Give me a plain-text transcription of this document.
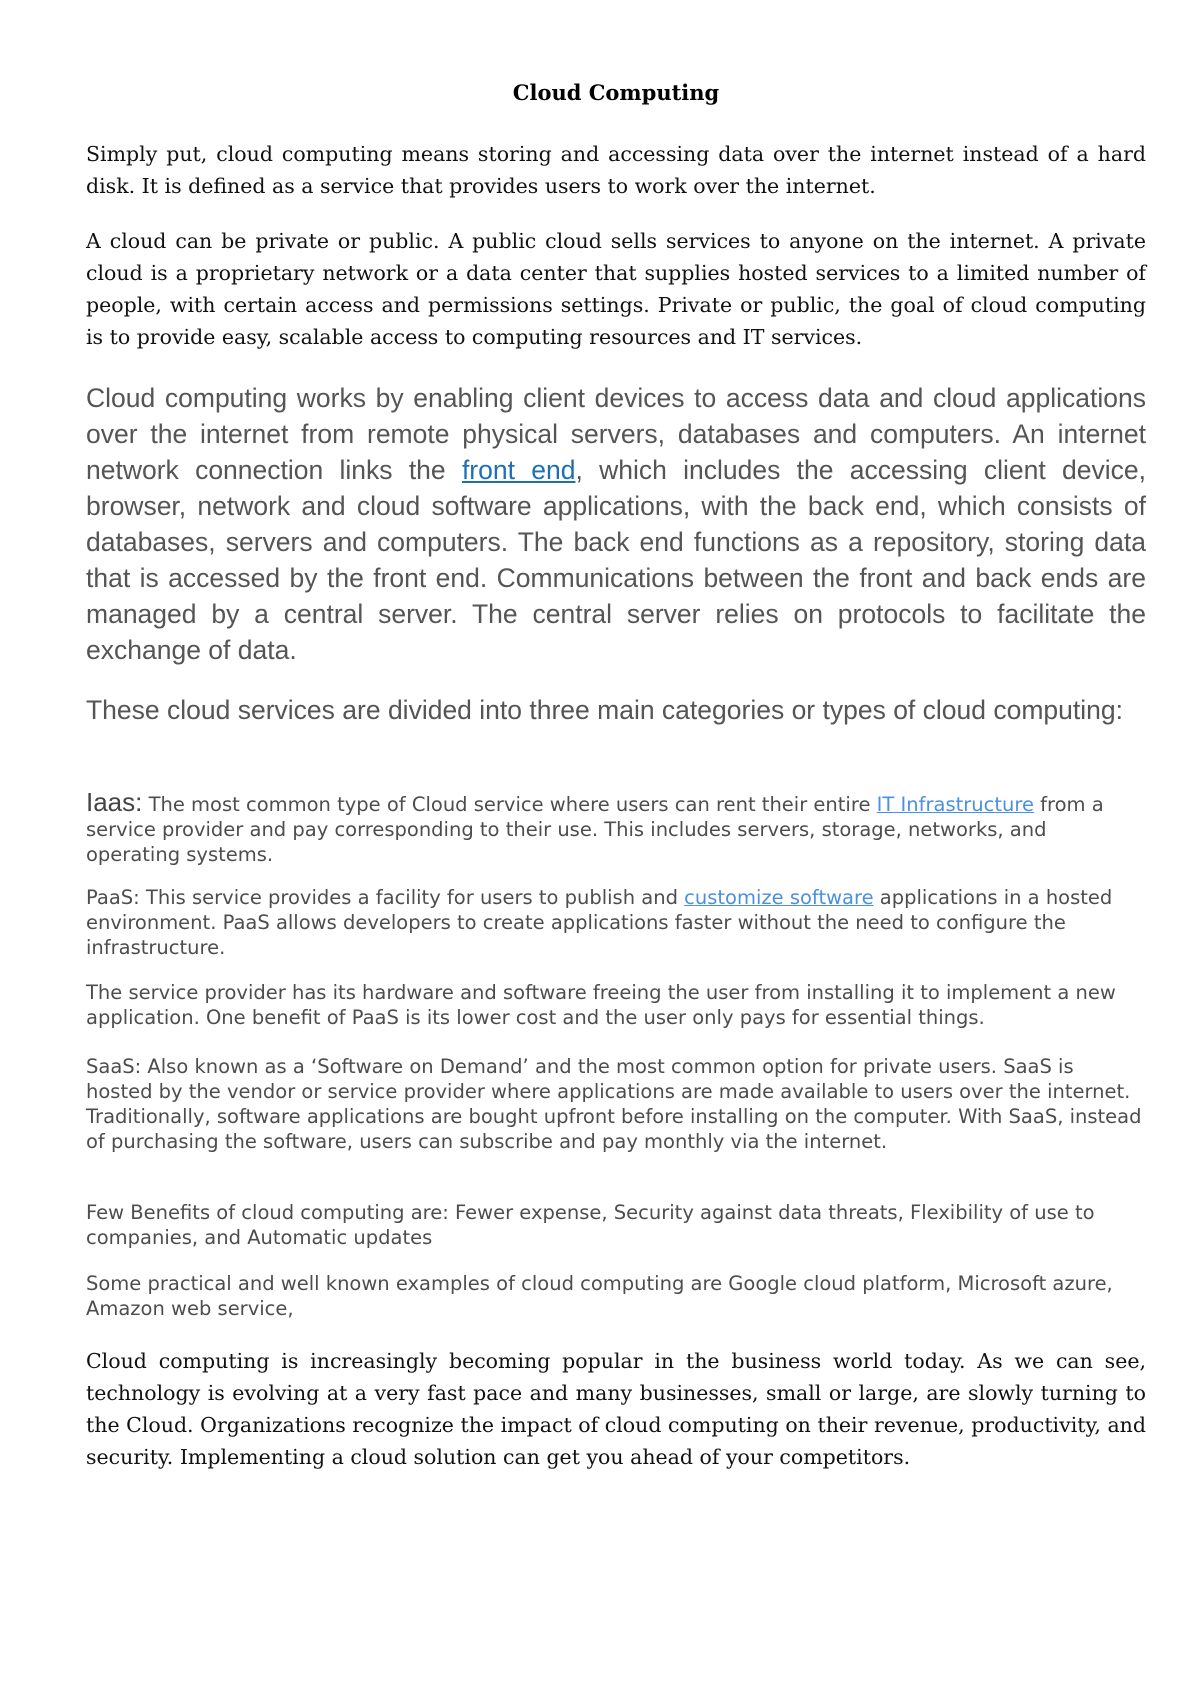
Cloud Computing

Simply put, cloud computing means storing and accessing data over the internet instead of a hard disk. It is defined as a service that provides users to work over the internet.

A cloud can be private or public. A public cloud sells services to anyone on the internet. A private cloud is a proprietary network or a data center that supplies hosted services to a limited number of people, with certain access and permissions settings. Private or public, the goal of cloud computing is to provide easy, scalable access to computing resources and IT services.

Cloud computing works by enabling client devices to access data and cloud applications over the internet from remote physical servers, databases and computers. An internet network connection links the front end, which includes the accessing client device, browser, network and cloud software applications, with the back end, which consists of databases, servers and computers. The back end functions as a repository, storing data that is accessed by the front end. Communications between the front and back ends are managed by a central server. The central server relies on protocols to facilitate the exchange of data.

These cloud services are divided into three main categories or types of cloud computing:

Iaas: The most common type of Cloud service where users can rent their entire IT Infrastructure from a service provider and pay corresponding to their use. This includes servers, storage, networks, and operating systems.

PaaS: This service provides a facility for users to publish and customize software applications in a hosted environment. PaaS allows developers to create applications faster without the need to configure the infrastructure.

The service provider has its hardware and software freeing the user from installing it to implement a new application. One benefit of PaaS is its lower cost and the user only pays for essential things.

SaaS: Also known as a ‘Software on Demand’ and the most common option for private users. SaaS is hosted by the vendor or service provider where applications are made available to users over the internet. Traditionally, software applications are bought upfront before installing on the computer. With SaaS, instead of purchasing the software, users can subscribe and pay monthly via the internet.

Few Benefits of cloud computing are: Fewer expense, Security against data threats, Flexibility of use to companies, and Automatic updates

Some practical and well known examples of cloud computing are Google cloud platform, Microsoft azure, Amazon web service,

Cloud computing is increasingly becoming popular in the business world today. As we can see, technology is evolving at a very fast pace and many businesses, small or large, are slowly turning to the Cloud. Organizations recognize the impact of cloud computing on their revenue, productivity, and security. Implementing a cloud solution can get you ahead of your competitors.
